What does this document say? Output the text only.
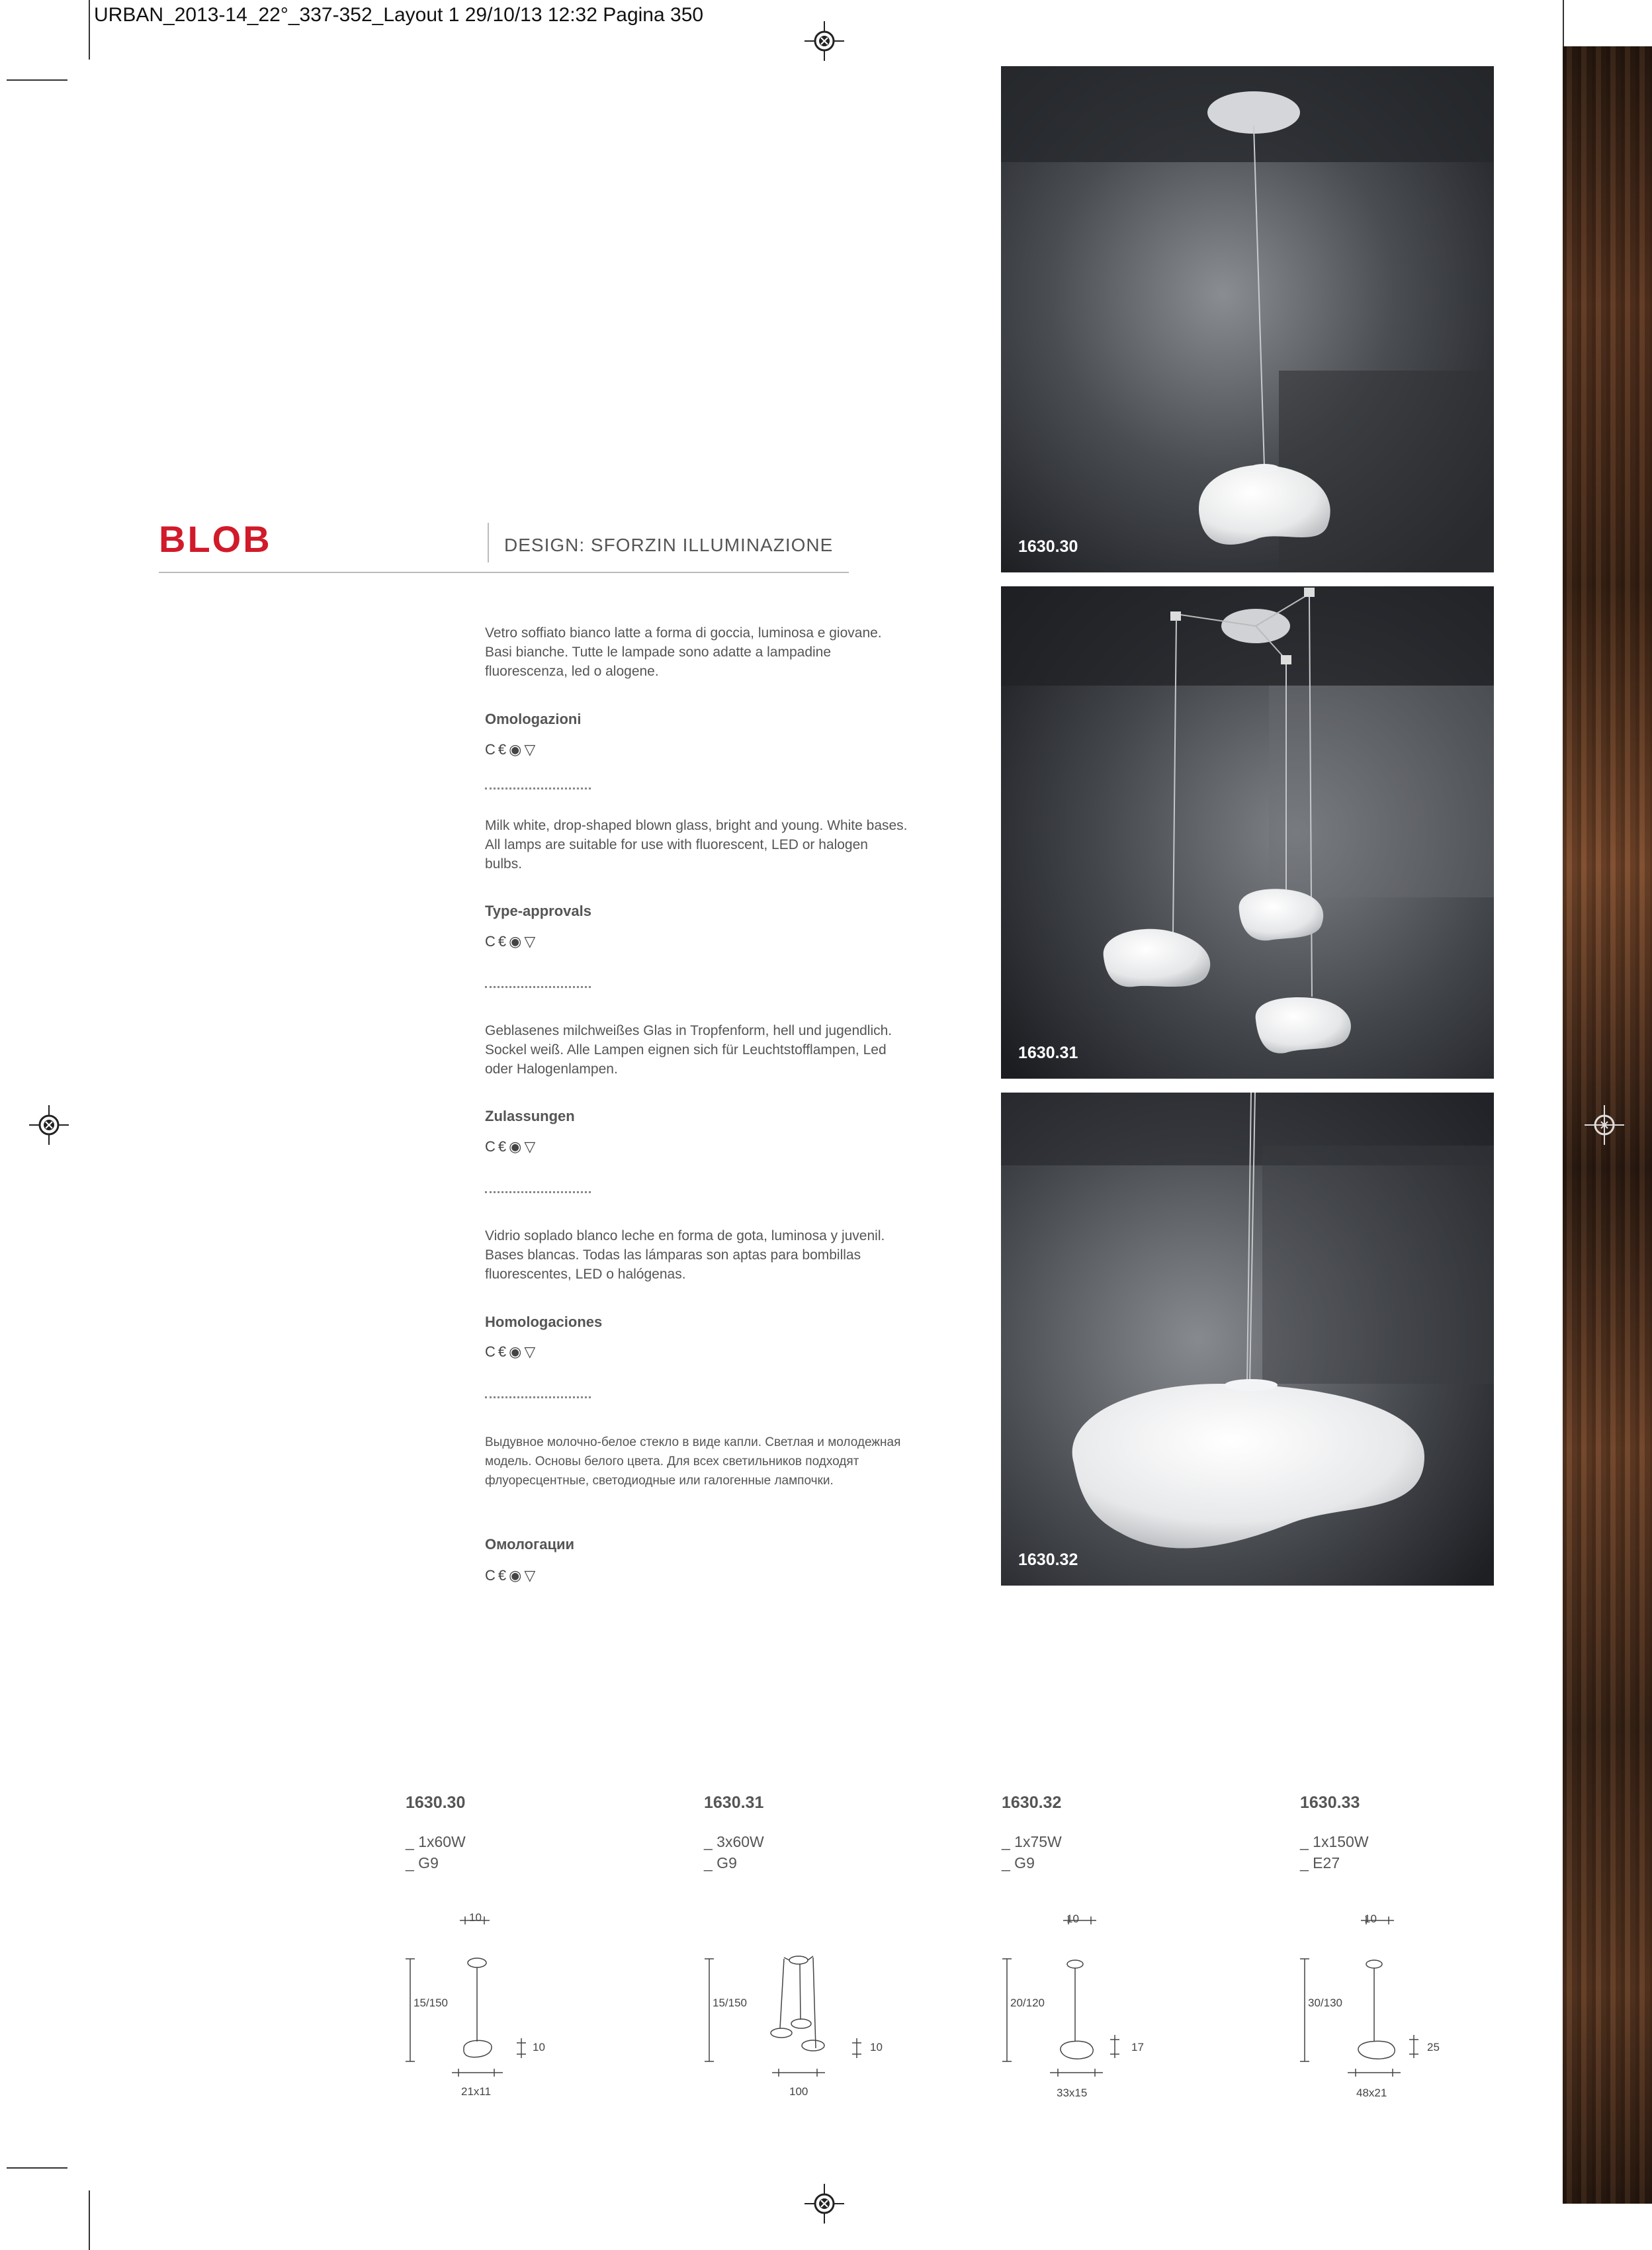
URBAN_2013-14_22°_337-352_Layout 1 29/10/13 12:32 Pagina 350
BLOB	DESIGN: SFORZIN ILLUMINAZIONE
Vetro soffiato bianco latte a forma di goccia, luminosa e giovane. Basi bianche. Tutte le lampade sono adatte a lampadine fluorescenza, led o alogene.
Omologazioni
C€◉▽
Milk white, drop-shaped blown glass, bright and young. White bases. All lamps are suitable for use with fluorescent, LED or halogen bulbs.
Type-approvals
C€◉▽
Geblasenes milchweißes Glas in Tropfenform, hell und jugendlich. Sockel weiß. Alle Lampen eignen sich für Leuchtstofflampen, Led oder Halogenlampen.
Zulassungen
C€◉▽
Vidrio soplado blanco leche en forma de gota, luminosa y juvenil. Bases blancas. Todas las lámparas son aptas para bombillas fluorescentes, LED o halógenas.
Homologaciones
C€◉▽
Выдувное молочно-белое стекло в виде капли. Светлая и молодежная модель. Основы белого цвета. Для всех светильников подходят флуоресцентные, светодиодные или галогенные лампочки.
Омологации
C€◉▽
1630.30
1630.31
1630.32
1630.30
_ 1x60W
_ G9
1630.31
_ 3x60W
_ G9
1630.32
_ 1x75W
_ G9
1630.33
_ 1x150W
_ E27
10
15/150
10
21x11
15/150
10
100
10
20/120
17
33x15
10
30/130
25
48x21
